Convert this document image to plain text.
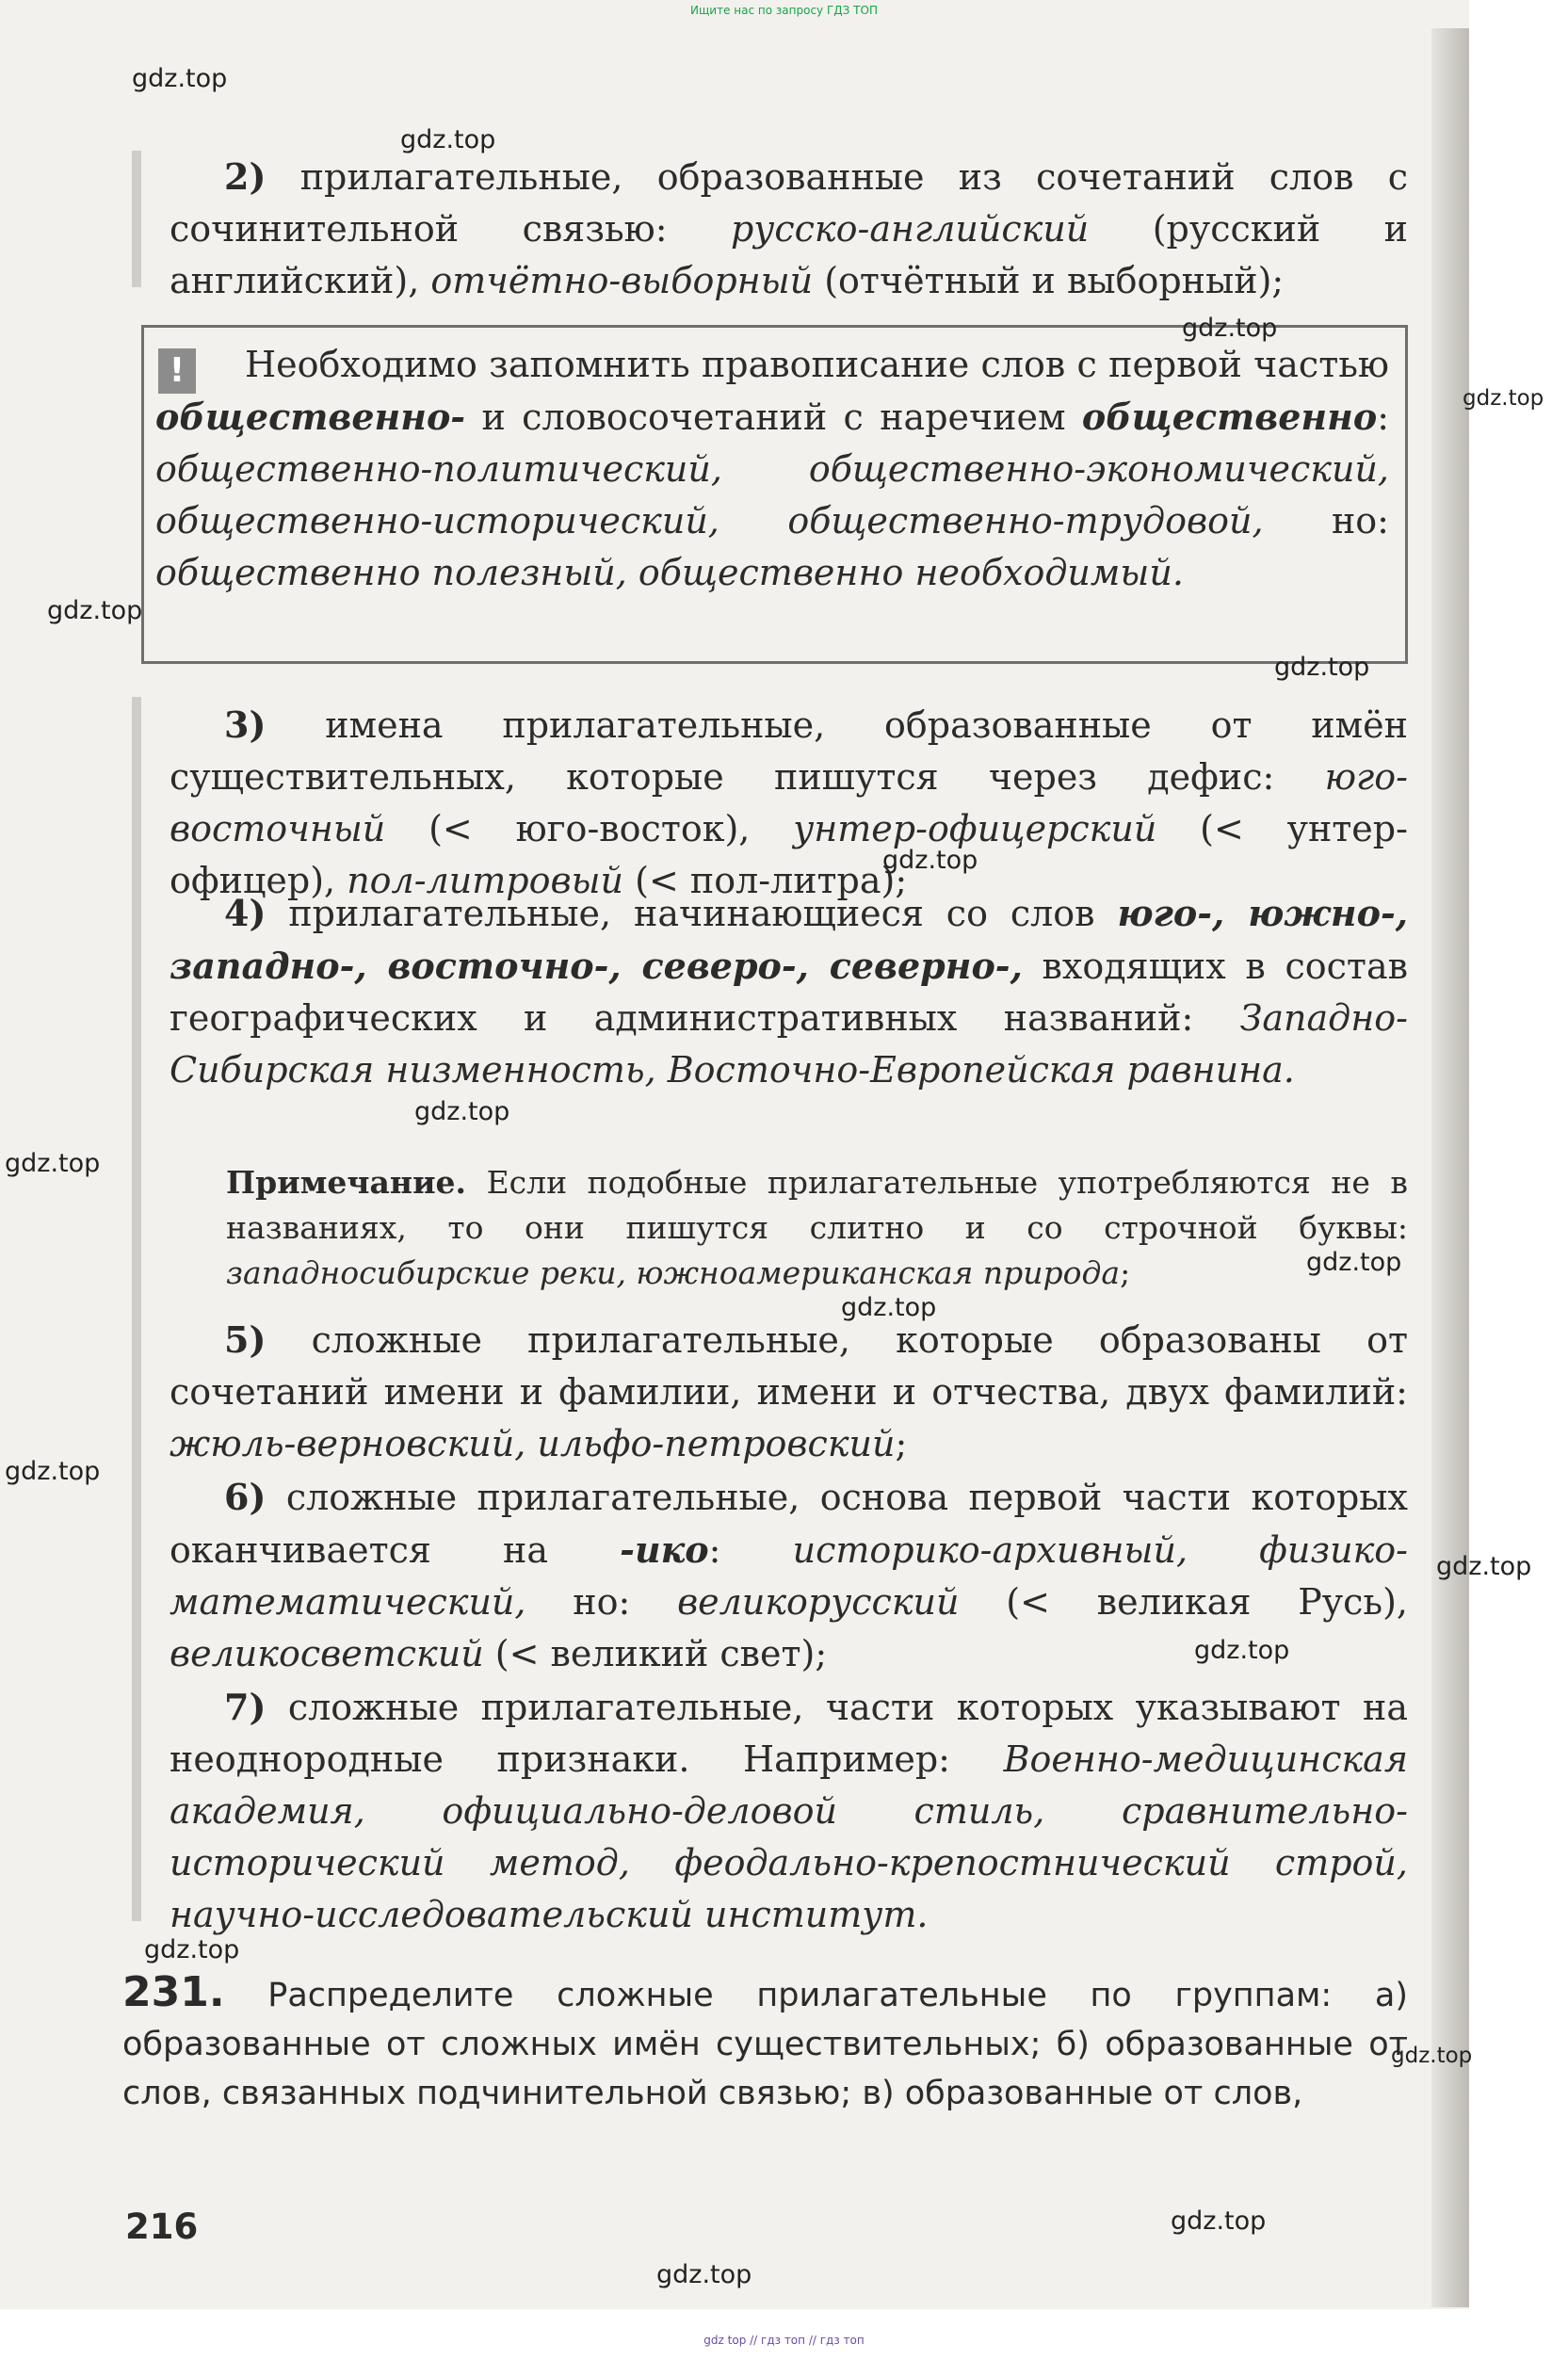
Ищите нас по запросу ГДЗ ТОП

2) прилагательные, образованные из сочетаний слов с сочинительной связью: русско-английский (русский и английский), отчётно-выборный (отчётный и выборный);

!	Необходимо запомнить правописание слов с первой частью общественно- и словосочетаний с наречием общественно: общественно-политический, общественно-экономический, общественно-исторический, общественно-трудовой, но: общественно полезный, общественно необходимый.

3) имена прилагательные, образованные от имён существительных, которые пишутся через дефис: юго-восточный (< юго-восток), унтер-офицерский (< унтер-офицер), пол-литровый (< пол-литра);

4) прилагательные, начинающиеся со слов юго-, южно-, западно-, восточно-, северо-, северно-, входящих в состав географических и административных названий: Западно-Сибирская низменность, Восточно-Европейская равнина.

Примечание. Если подобные прилагательные употребляются не в названиях, то они пишутся слитно и со строчной буквы: западносибирские реки, южноамериканская природа;

5) сложные прилагательные, которые образованы от сочетаний имени и фамилии, имени и отчества, двух фамилий: жюль-верновский, ильфо-петровский;

6) сложные прилагательные, основа первой части которых оканчивается на -ико: историко-архивный, физико-математический, но: великорусский (< великая Русь), великосветский (< великий свет);

7) сложные прилагательные, части которых указывают на неоднородные признаки. Например: Военно-медицинская академия, официально-деловой стиль, сравнительно-исторический метод, феодально-крепостнический строй, научно-исследовательский институт.

231. Распределите сложные прилагательные по группам: а) образованные от сложных имён существительных; б) образованные от слов, связанных подчинительной связью; в) образованные от слов,
216
gdz.top
gdz.top
gdz.top
gdz.top
gdz.top
gdz.top
gdz.top
gdz.top
gdz.top
gdz.top
gdz.top
gdz.top
gdz.top
gdz.top
gdz.top
gdz.top
gdz.top
gdz.top
gdz top // гдз топ // гдз топ
